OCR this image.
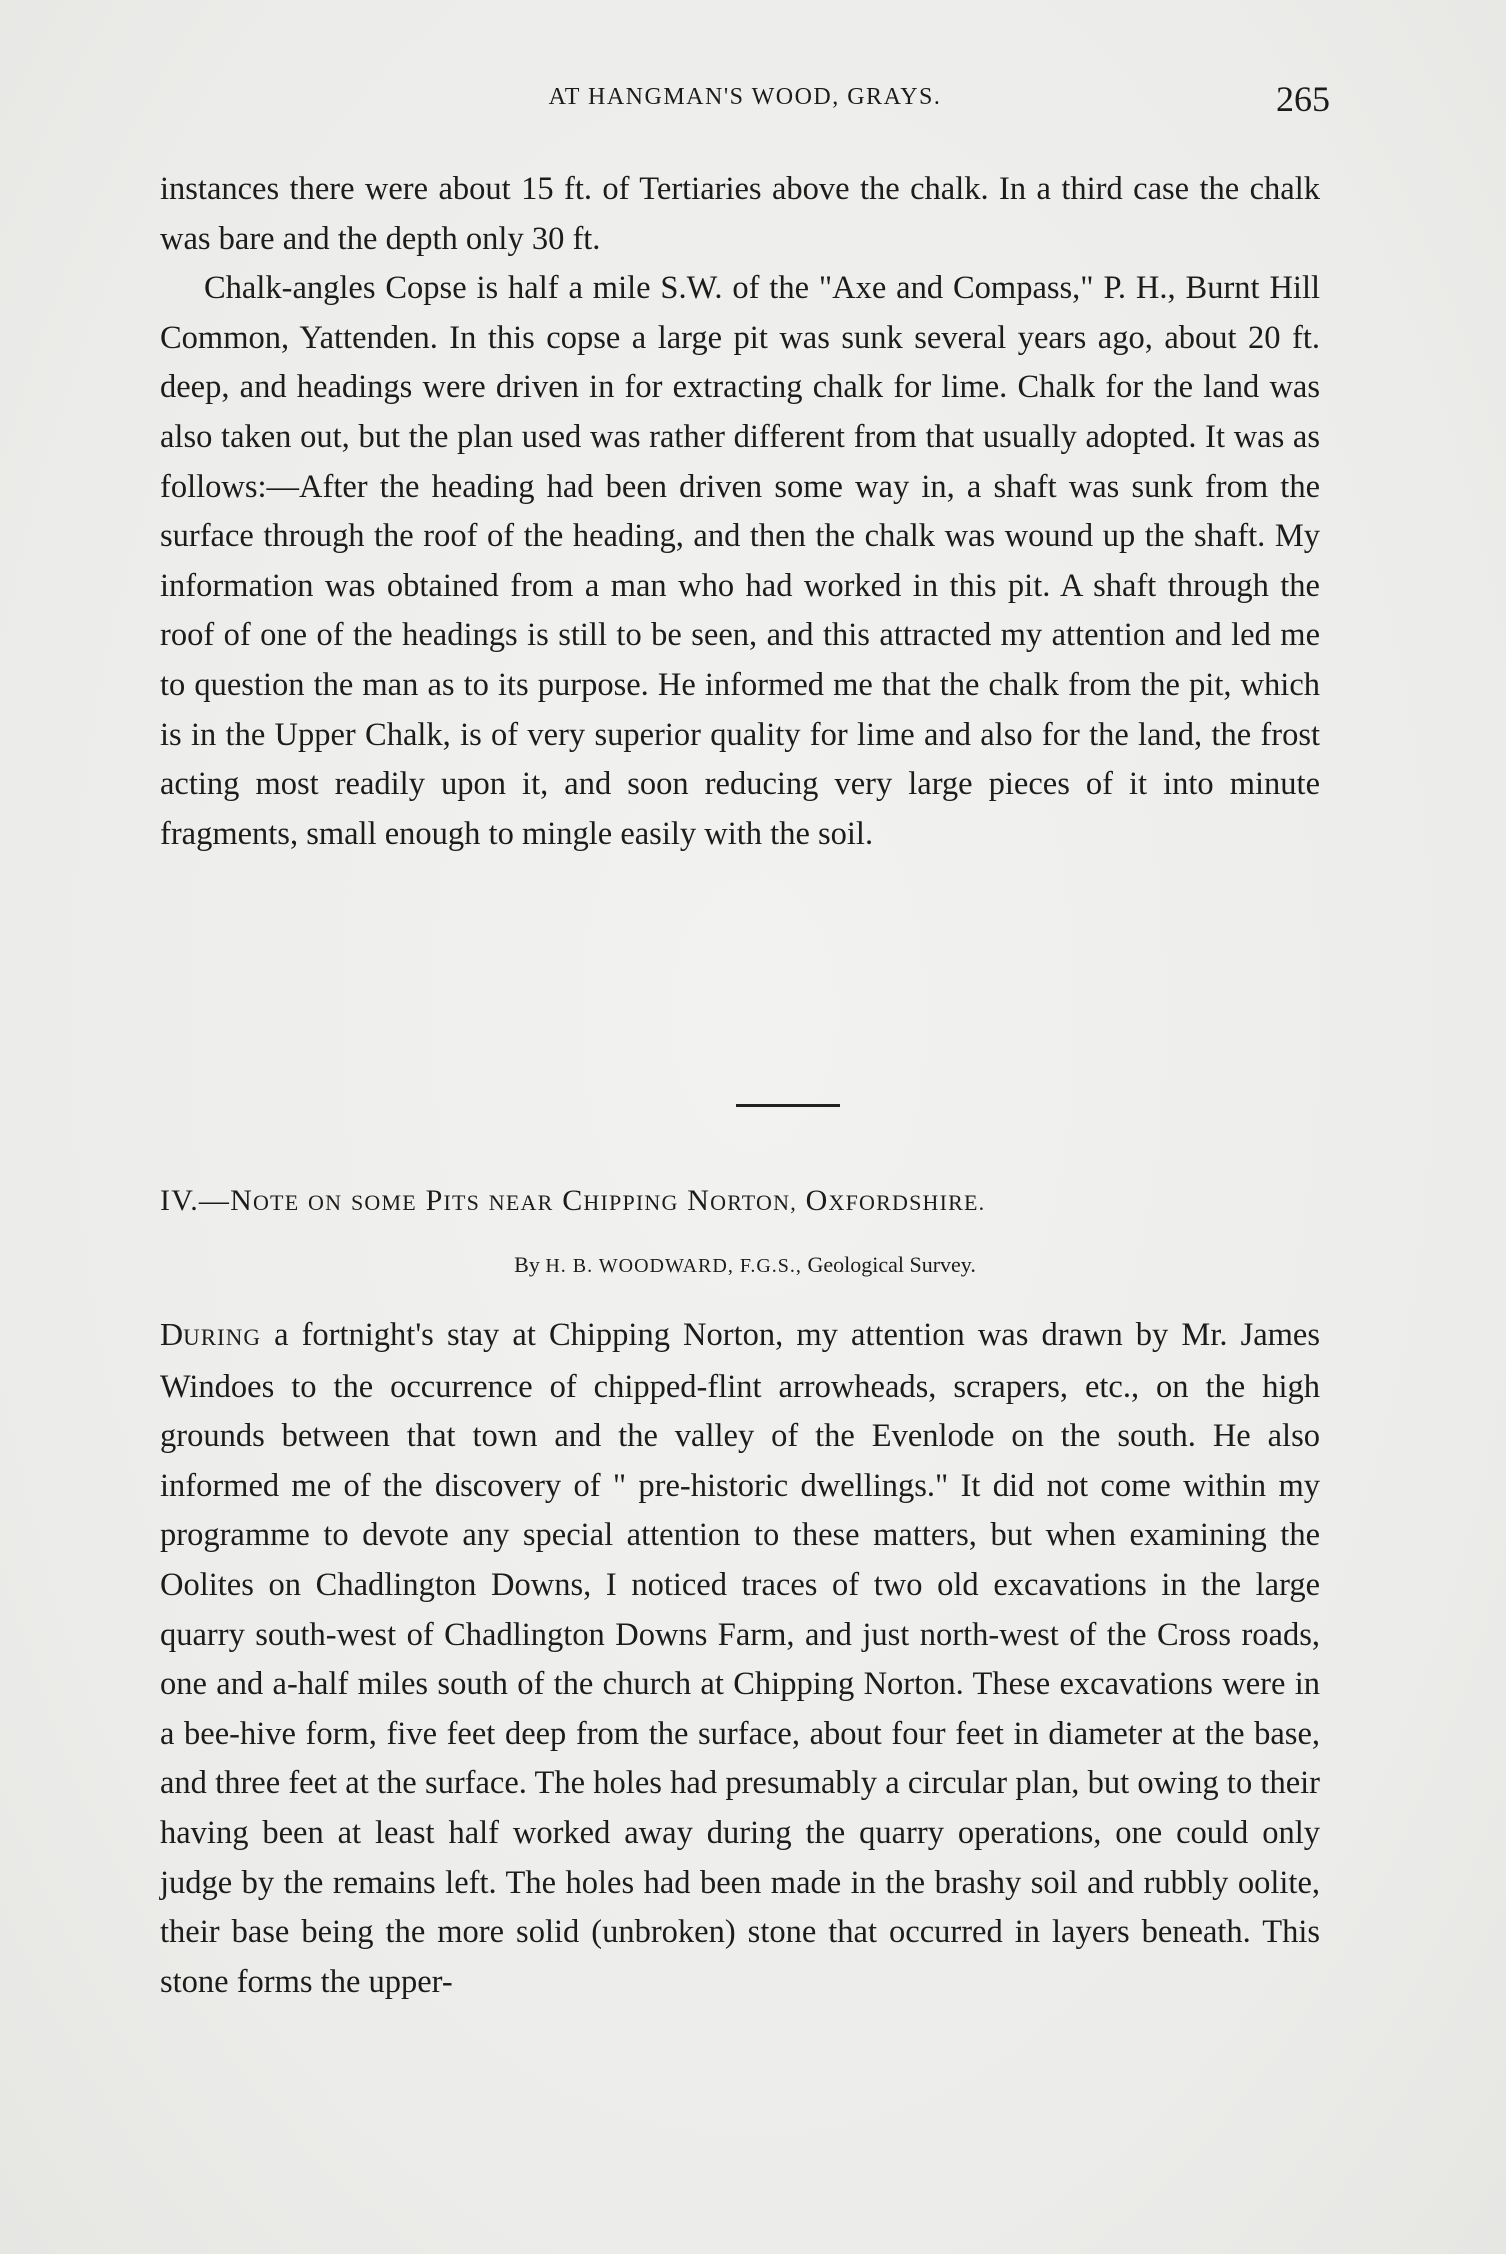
AT HANGMAN'S WOOD, GRAYS.	265

instances there were about 15 ft. of Tertiaries above the chalk. In a third case the chalk was bare and the depth only 30 ft.

Chalk-angles Copse is half a mile S.W. of the "Axe and Compass," P. H., Burnt Hill Common, Yattenden. In this copse a large pit was sunk several years ago, about 20 ft. deep, and headings were driven in for extracting chalk for lime. Chalk for the land was also taken out, but the plan used was rather different from that usually adopted. It was as follows:—After the heading had been driven some way in, a shaft was sunk from the surface through the roof of the heading, and then the chalk was wound up the shaft. My information was obtained from a man who had worked in this pit. A shaft through the roof of one of the headings is still to be seen, and this attracted my attention and led me to question the man as to its purpose. He informed me that the chalk from the pit, which is in the Upper Chalk, is of very superior quality for lime and also for the land, the frost acting most readily upon it, and soon reducing very large pieces of it into minute fragments, small enough to mingle easily with the soil.

IV.—NOTE ON SOME PITS NEAR CHIPPING NORTON, OXFORDSHIRE.
By H. B. WOODWARD, F.G.S., Geological Survey.

DURING a fortnight's stay at Chipping Norton, my attention was drawn by Mr. James Windoes to the occurrence of chipped-flint arrowheads, scrapers, etc., on the high grounds between that town and the valley of the Evenlode on the south. He also informed me of the discovery of " pre-historic dwellings." It did not come within my programme to devote any special attention to these matters, but when examining the Oolites on Chadlington Downs, I noticed traces of two old excavations in the large quarry south-west of Chadlington Downs Farm, and just north-west of the Cross roads, one and a-half miles south of the church at Chipping Norton. These excavations were in a bee-hive form, five feet deep from the surface, about four feet in diameter at the base, and three feet at the surface. The holes had presumably a circular plan, but owing to their having been at least half worked away during the quarry operations, one could only judge by the remains left. The holes had been made in the brashy soil and rubbly oolite, their base being the more solid (unbroken) stone that occurred in layers beneath. This stone forms the upper-
